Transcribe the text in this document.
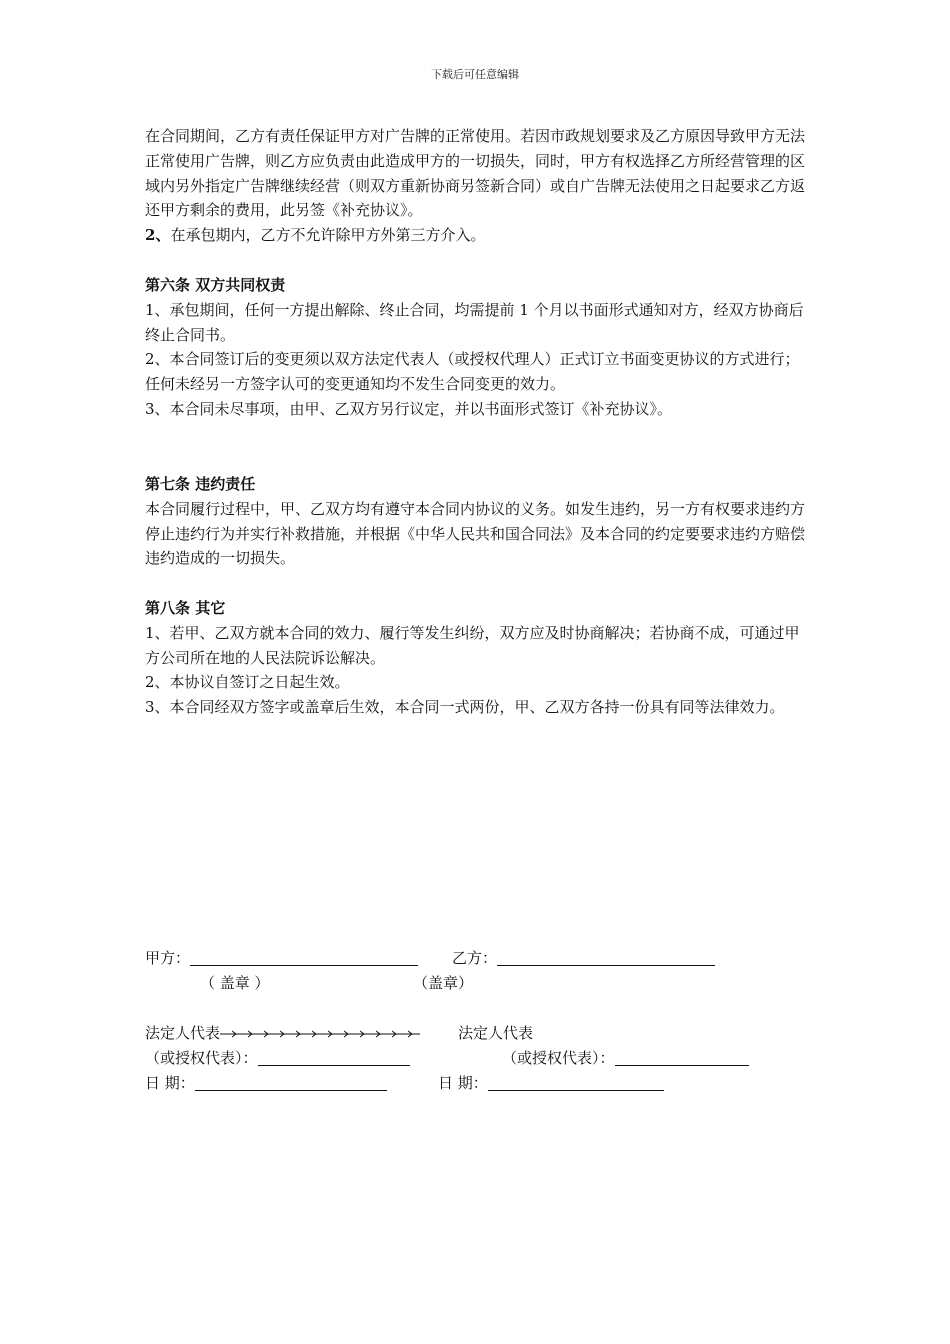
下载后可任意编辑

在合同期间，乙方有责任保证甲方对广告牌的正常使用。若因市政规划要求及乙方原因导致甲方无法正常使用广告牌，则乙方应负责由此造成甲方的一切损失，同时，甲方有权选择乙方所经营管理的区域内另外指定广告牌继续经营（则双方重新协商另签新合同）或自广告牌无法使用之日起要求乙方返还甲方剩余的费用，此另签《补充协议》。

2、在承包期内，乙方不允许除甲方外第三方介入。

第六条 双方共同权责

1、承包期间，任何一方提出解除、终止合同，均需提前 1 个月以书面形式通知对方，经双方协商后终止合同书。

2、本合同签订后的变更须以双方法定代表人（或授权代理人）正式订立书面变更协议的方式进行；任何未经另一方签字认可的变更通知均不发生合同变更的效力。

3、本合同未尽事项，由甲、乙双方另行议定，并以书面形式签订《补充协议》。

第七条 违约责任

本合同履行过程中，甲、乙双方均有遵守本合同内协议的义务。如发生违约，另一方有权要求违约方停止违约行为并实行补救措施，并根据《中华人民共和国合同法》及本合同的约定要要求违约方赔偿违约造成的一切损失。

第八条 其它

1、若甲、乙双方就本合同的效力、履行等发生纠纷，双方应及时协商解决；若协商不成，可通过甲方公司所在地的人民法院诉讼解决。

2、本协议自签订之日起生效。

3、本合同经双方签字或盖章后生效，本合同一式两份，甲、乙双方各持一份具有同等法律效力。

甲方：	乙方：
（ 盖章 ）	（盖章）
法定人代表	法定人代表
（或授权代表）：	（或授权代表）：
日 期：	日 期：
